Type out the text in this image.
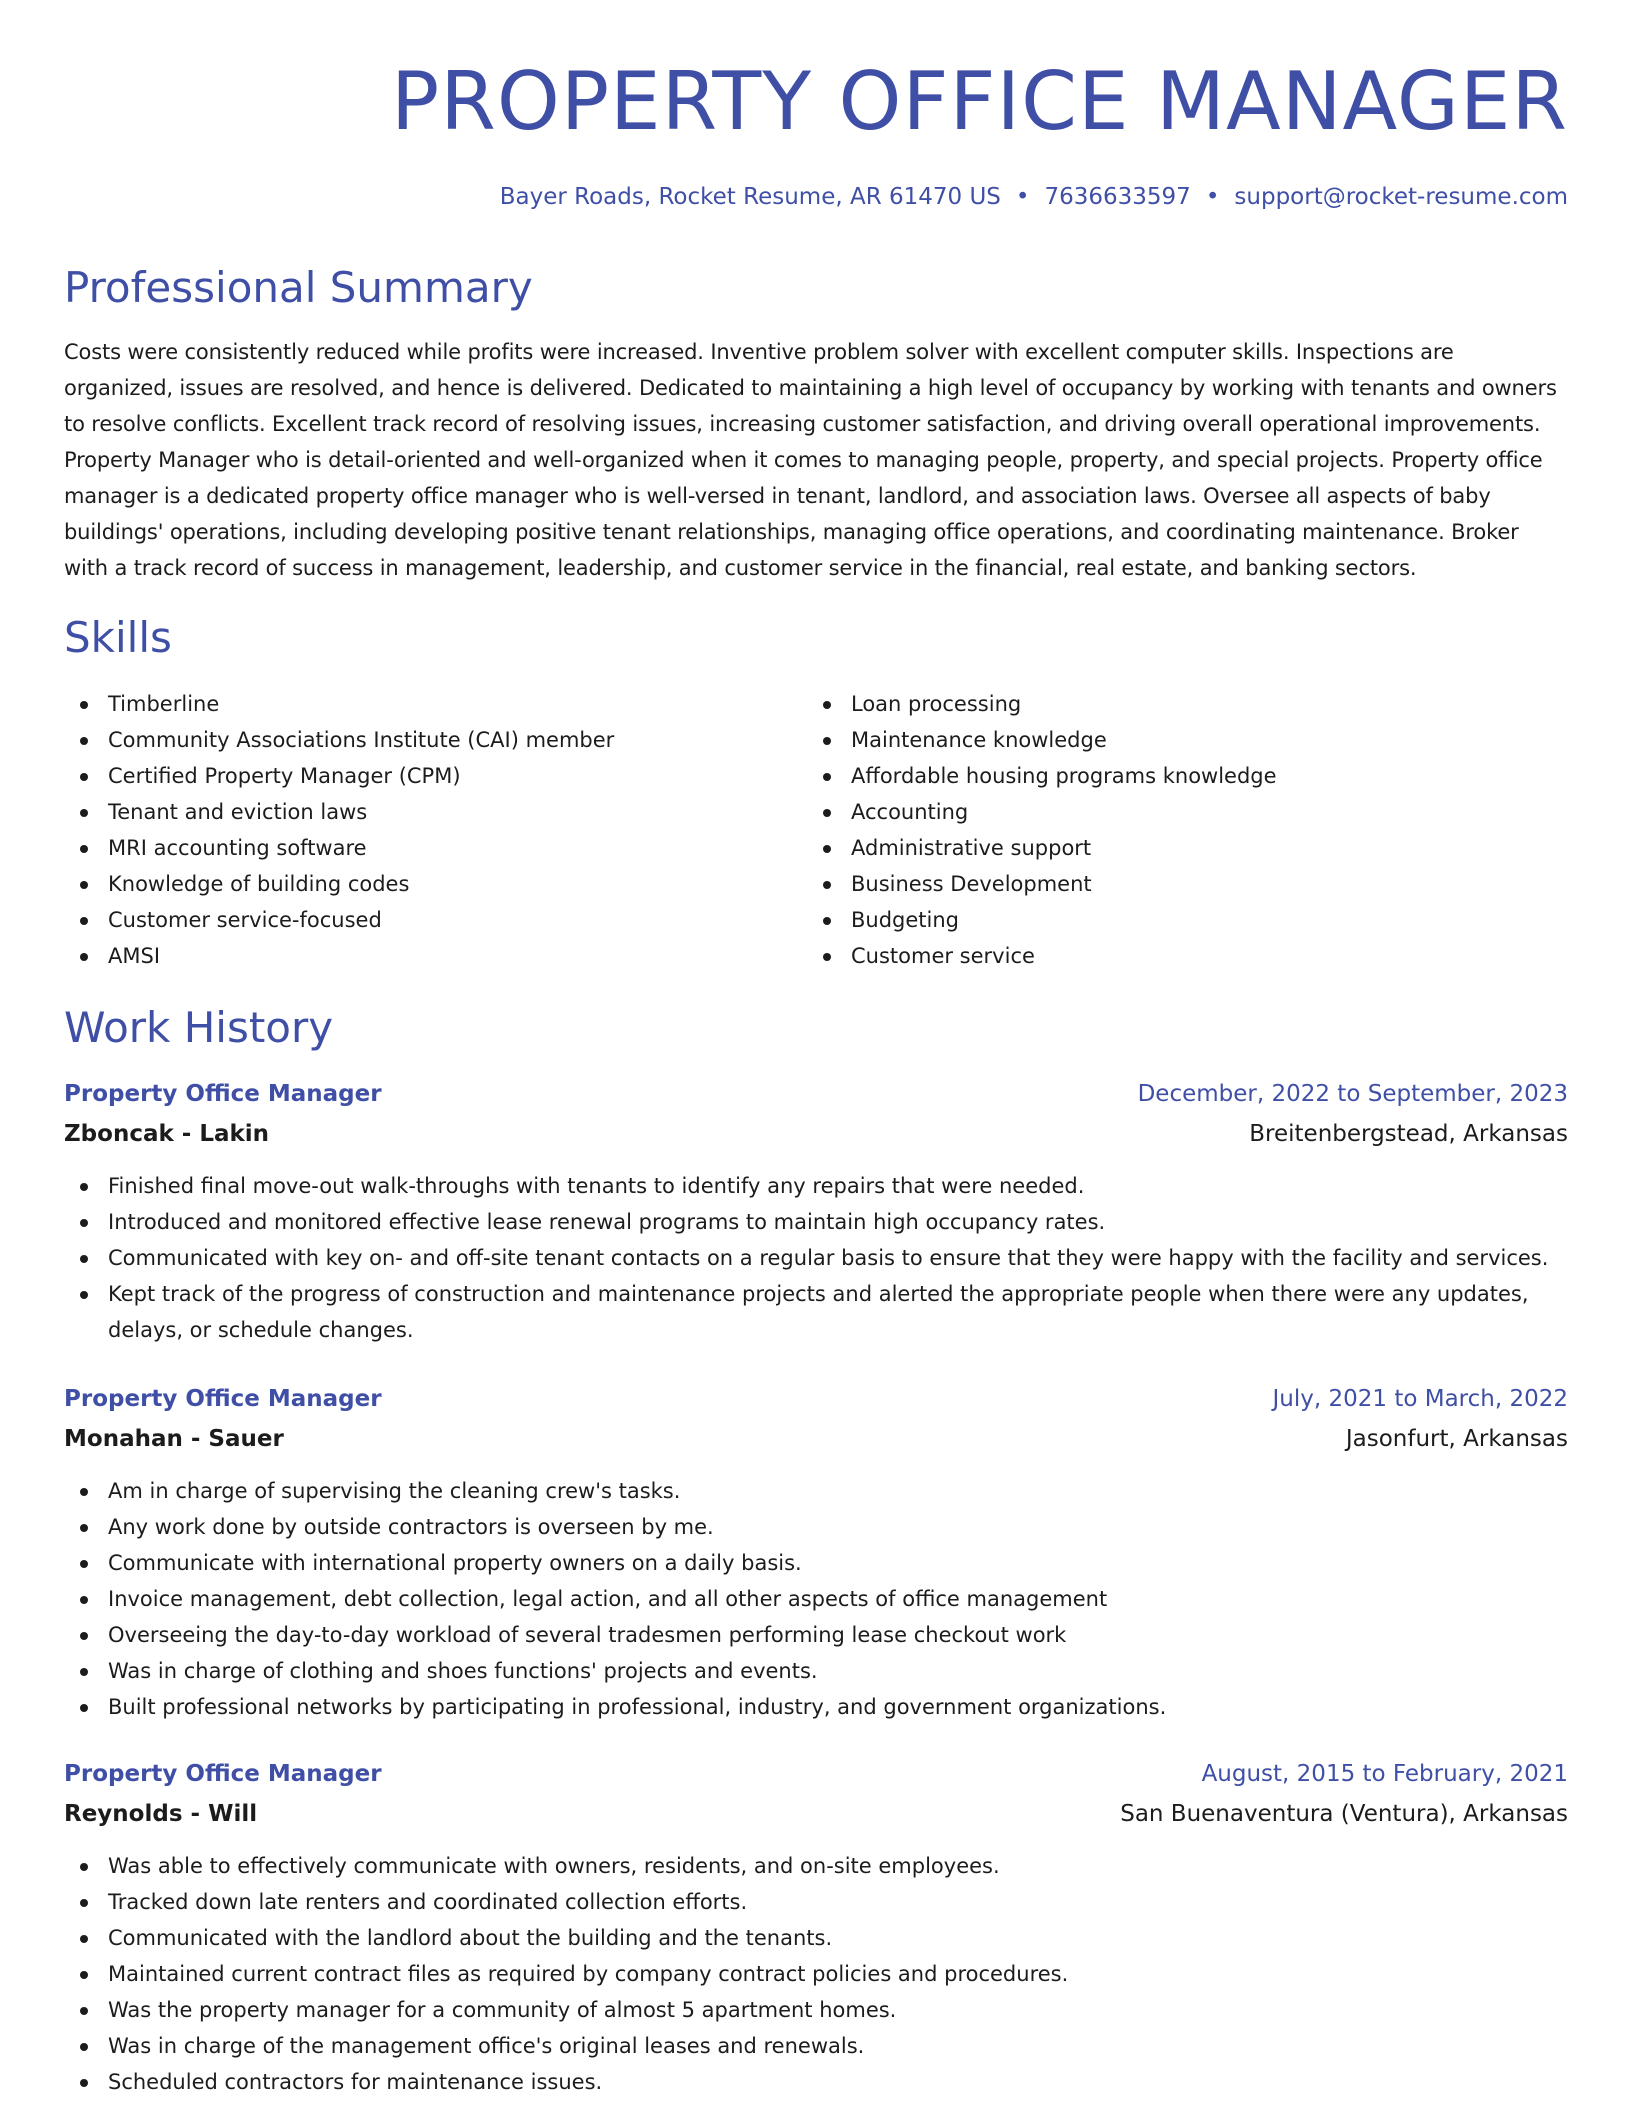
PROPERTY OFFICE MANAGER
Bayer Roads, Rocket Resume, AR 61470 US • 7636633597 • support@rocket-resume.com
Professional Summary

Costs were consistently reduced while profits were increased. Inventive problem solver with excellent computer skills. Inspections are organized, issues are resolved, and hence is delivered. Dedicated to maintaining a high level of occupancy by working with tenants and owners to resolve conflicts. Excellent track record of resolving issues, increasing customer satisfaction, and driving overall operational improvements. Property Manager who is detail-oriented and well-organized when it comes to managing people, property, and special projects. Property office manager is a dedicated property office manager who is well-versed in tenant, landlord, and association laws. Oversee all aspects of baby buildings' operations, including developing positive tenant relationships, managing office operations, and coordinating maintenance. Broker with a track record of success in management, leadership, and customer service in the financial, real estate, and banking sectors.

Skills
Timberline
Community Associations Institute (CAI) member
Certified Property Manager (CPM)
Tenant and eviction laws
MRI accounting software
Knowledge of building codes
Customer service-focused
AMSI
Loan processing
Maintenance knowledge
Affordable housing programs knowledge
Accounting
Administrative support
Business Development
Budgeting
Customer service
Work History
Property Office Manager	December, 2022 to September, 2023
Zboncak - Lakin	Breitenbergstead, Arkansas
Finished final move-out walk-throughs with tenants to identify any repairs that were needed.
Introduced and monitored effective lease renewal programs to maintain high occupancy rates.
Communicated with key on- and off-site tenant contacts on a regular basis to ensure that they were happy with the facility and services.
Kept track of the progress of construction and maintenance projects and alerted the appropriate people when there were any updates, delays, or schedule changes.
Property Office Manager	July, 2021 to March, 2022
Monahan - Sauer	Jasonfurt, Arkansas
Am in charge of supervising the cleaning crew's tasks.
Any work done by outside contractors is overseen by me.
Communicate with international property owners on a daily basis.
Invoice management, debt collection, legal action, and all other aspects of office management
Overseeing the day-to-day workload of several tradesmen performing lease checkout work
Was in charge of clothing and shoes functions' projects and events.
Built professional networks by participating in professional, industry, and government organizations.
Property Office Manager	August, 2015 to February, 2021
Reynolds - Will	San Buenaventura (Ventura), Arkansas
Was able to effectively communicate with owners, residents, and on-site employees.
Tracked down late renters and coordinated collection efforts.
Communicated with the landlord about the building and the tenants.
Maintained current contract files as required by company contract policies and procedures.
Was the property manager for a community of almost 5 apartment homes.
Was in charge of the management office's original leases and renewals.
Scheduled contractors for maintenance issues.
